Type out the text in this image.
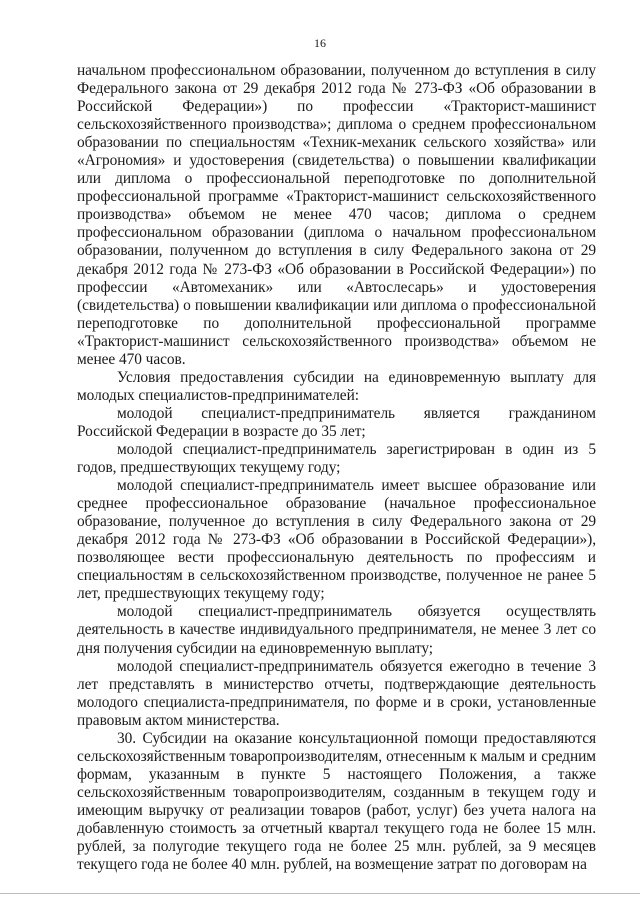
16

начальном профессиональном образовании, полученном до вступления в силу Федерального закона от 29 декабря 2012 года № 273-ФЗ «Об образовании в Российской Федерации») по профессии «Тракторист-машинист сельскохозяйственного производства»; диплома о среднем профессиональном образовании по специальностям «Техник-механик сельского хозяйства» или «Агрономия» и удостоверения (свидетельства) о повышении квалификации или диплома о профессиональной переподготовке по дополнительной профессиональной программе «Тракторист-машинист сельскохозяйственного производства» объемом не менее 470 часов; диплома о среднем профессиональном образовании (диплома о начальном профессиональном образовании, полученном до вступления в силу Федерального закона от 29 декабря 2012 года № 273-ФЗ «Об образовании в Российской Федерации») по профессии «Автомеханик» или «Автослесарь» и удостоверения (свидетельства) о повышении квалификации или диплома о профессиональной переподготовке по дополнительной профессиональной программе «Тракторист-машинист сельскохозяйственного производства» объемом не менее 470 часов.

Условия предоставления субсидии на единовременную выплату для молодых специалистов-предпринимателей:

молодой специалист-предприниматель является гражданином Российской Федерации в возрасте до 35 лет;

молодой специалист-предприниматель зарегистрирован в один из 5 годов, предшествующих текущему году;

молодой специалист-предприниматель имеет высшее образование или среднее профессиональное образование (начальное профессиональное образование, полученное до вступления в силу Федерального закона от 29 декабря 2012 года № 273-ФЗ «Об образовании в Российской Федерации»), позволяющее вести профессиональную деятельность по профессиям и специальностям в сельскохозяйственном производстве, полученное не ранее 5 лет, предшествующих текущему году;

молодой специалист-предприниматель обязуется осуществлять деятельность в качестве индивидуального предпринимателя, не менее 3 лет со дня получения субсидии на единовременную выплату;

молодой специалист-предприниматель обязуется ежегодно в течение 3 лет представлять в министерство отчеты, подтверждающие деятельность молодого специалиста-предпринимателя, по форме и в сроки, установленные правовым актом министерства.

30. Субсидии на оказание консультационной помощи предоставляются сельскохозяйственным товаропроизводителям, отнесенным к малым и средним формам, указанным в пункте 5 настоящего Положения, а также сельскохозяйственным товаропроизводителям, созданным в текущем году и имеющим выручку от реализации товаров (работ, услуг) без учета налога на добавленную стоимость за отчетный квартал текущего года не более 15 млн. рублей, за полугодие текущего года не более 25 млн. рублей, за 9 месяцев текущего года не более 40 млн. рублей, на возмещение затрат по договорам на
